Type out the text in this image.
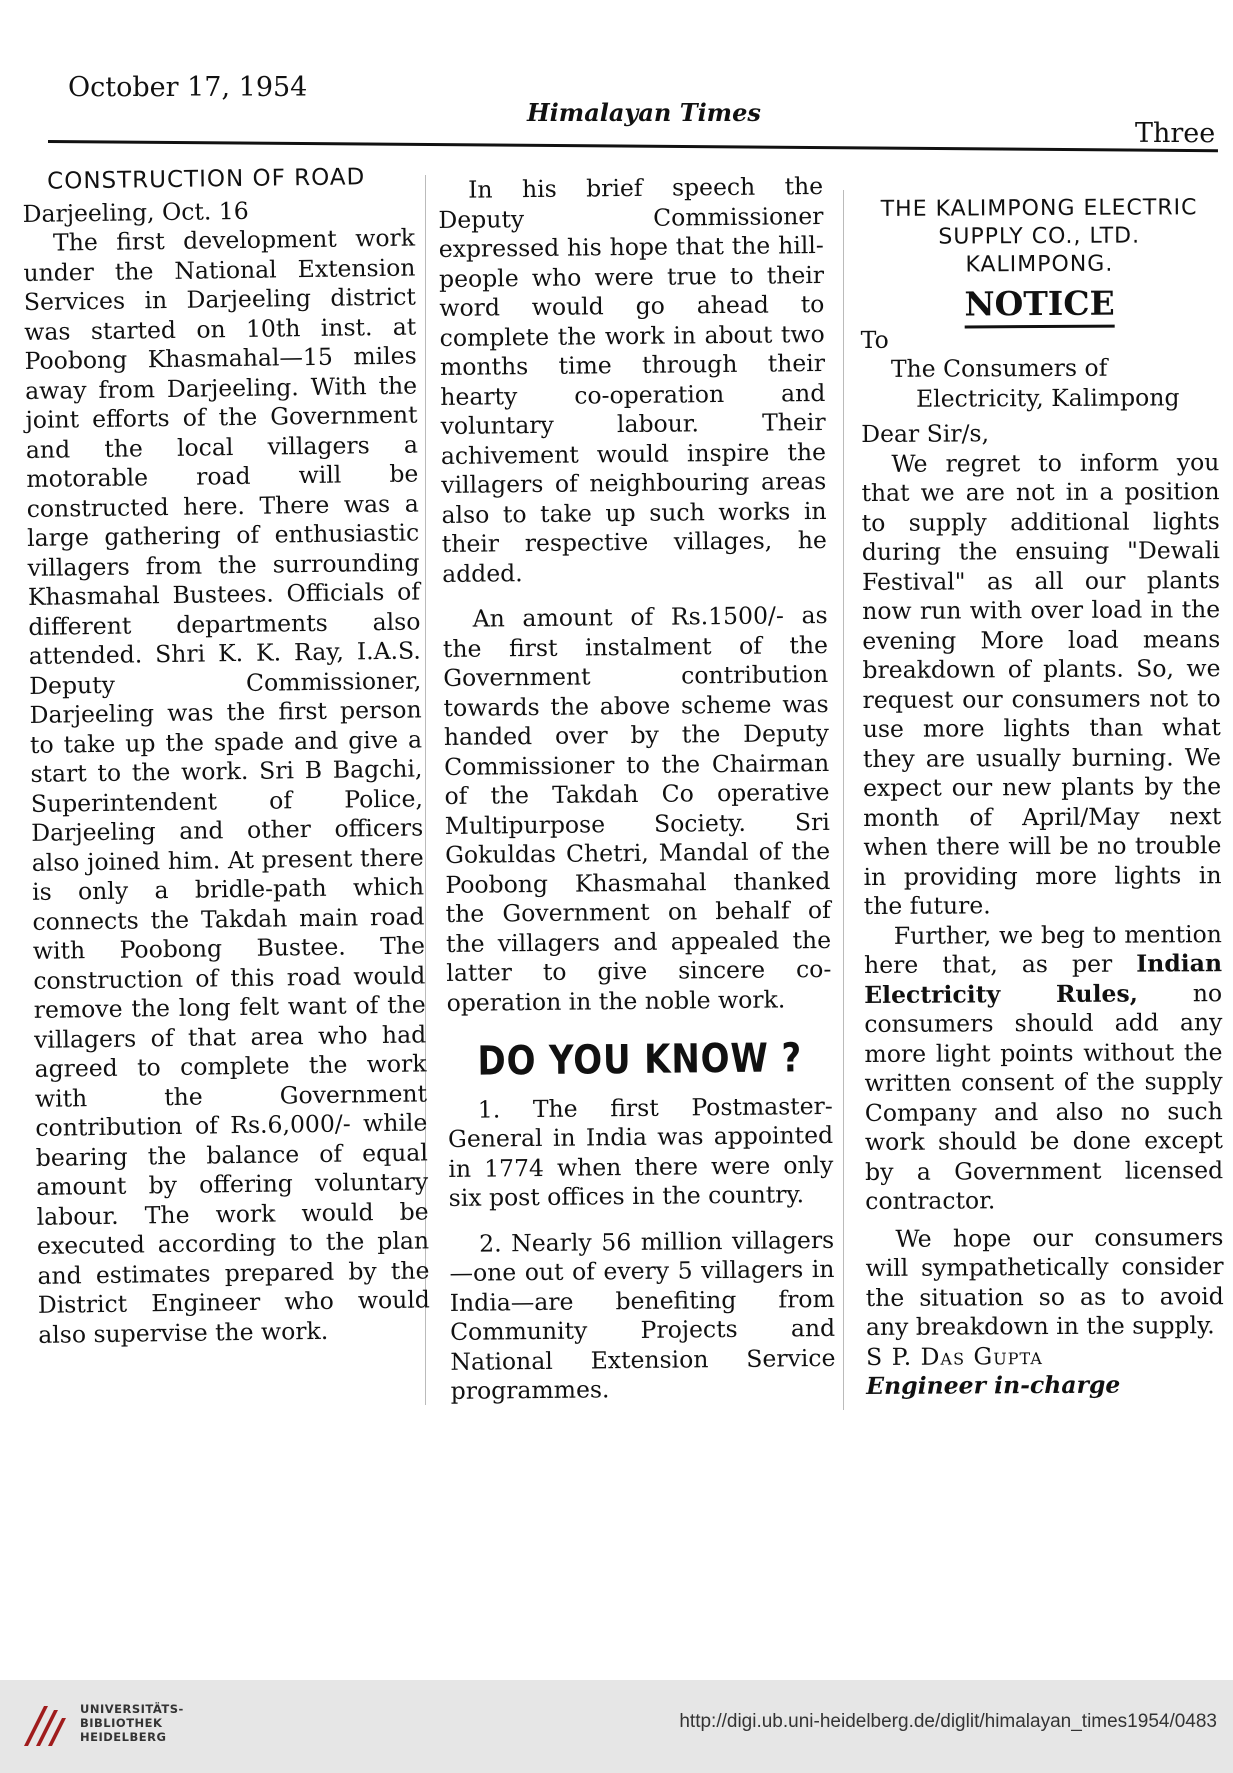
October 17, 1954
Himalayan Times
Three
CONSTRUCTION OF ROAD

Darjeeling, Oct. 16

The first development work under the National Extension Services in Darjeeling district was started on 10th inst. at Poobong Khasmahal—15 miles away from Darjeeling. With the joint efforts of the Government and the local villagers a motorable road will be constructed here. There was a large gathering of enthusiastic villagers from the surrounding Khasmahal Bustees. Officials of different departments also attended. Shri K. K. Ray, I.A.S. Deputy Commissioner, Darjeeling was the first person to take up the spade and give a start to the work. Sri B Bagchi, Superintendent of Police, Darjeeling and other officers also joined him. At present there is only a bridle-path which connects the Takdah main road with Poobong Bustee. The construction of this road would remove the long felt want of the villagers of that area who had agreed to complete the work with the Government contribution of Rs.6,000/- while bearing the balance of equal amount by offering voluntary labour. The work would be executed according to the plan and estimates prepared by the District Engineer who would also supervise the work.

In his brief speech the Deputy Commissioner expressed his hope that the hill-people who were true to their word would go ahead to complete the work in about two months time through their hearty co-operation and voluntary labour. Their achivement would inspire the villagers of neighbouring areas also to take up such works in their respective villages, he added.

An amount of Rs.1500/- as the first instalment of the Government contribution towards the above scheme was handed over by the Deputy Commissioner to the Chairman of the Takdah Co operative Multipurpose Society. Sri Gokuldas Chetri, Mandal of the Poobong Khasmahal thanked the Government on behalf of the villagers and appealed the latter to give sincere co-operation in the noble work.

DO YOU KNOW ?

1. The first Postmaster-General in India was appointed in 1774 when there were only six post offices in the country.

2. Nearly 56 million villagers—one out of every 5 villagers in India—are benefiting from Community Projects and National Extension Service programmes.

THE KALIMPONG ELECTRIC
SUPPLY CO., LTD.
KALIMPONG.
NOTICE

To

The Consumers of

Electricity, Kalimpong

Dear Sir/s,

We regret to inform you that we are not in a position to supply additional lights during the ensuing "Dewali Festival" as all our plants now run with over load in the evening More load means breakdown of plants. So, we request our consumers not to use more lights than what they are usually burning. We expect our new plants by the month of April/May next when there will be no trouble in providing more lights in the future.

Further, we beg to mention here that, as per Indian Electricity Rules, no consumers should add any more light points without the written consent of the supply Company and also no such work should be done except by a Government licensed contractor.

We hope our consumers will sympathetically consider the situation so as to avoid any breakdown in the supply.

S P. Das Gupta

Engineer in-charge

UNIVERSITÄTS-
BIBLIOTHEK
HEIDELBERG
http://digi.ub.uni-heidelberg.de/diglit/himalayan_times1954/0483
